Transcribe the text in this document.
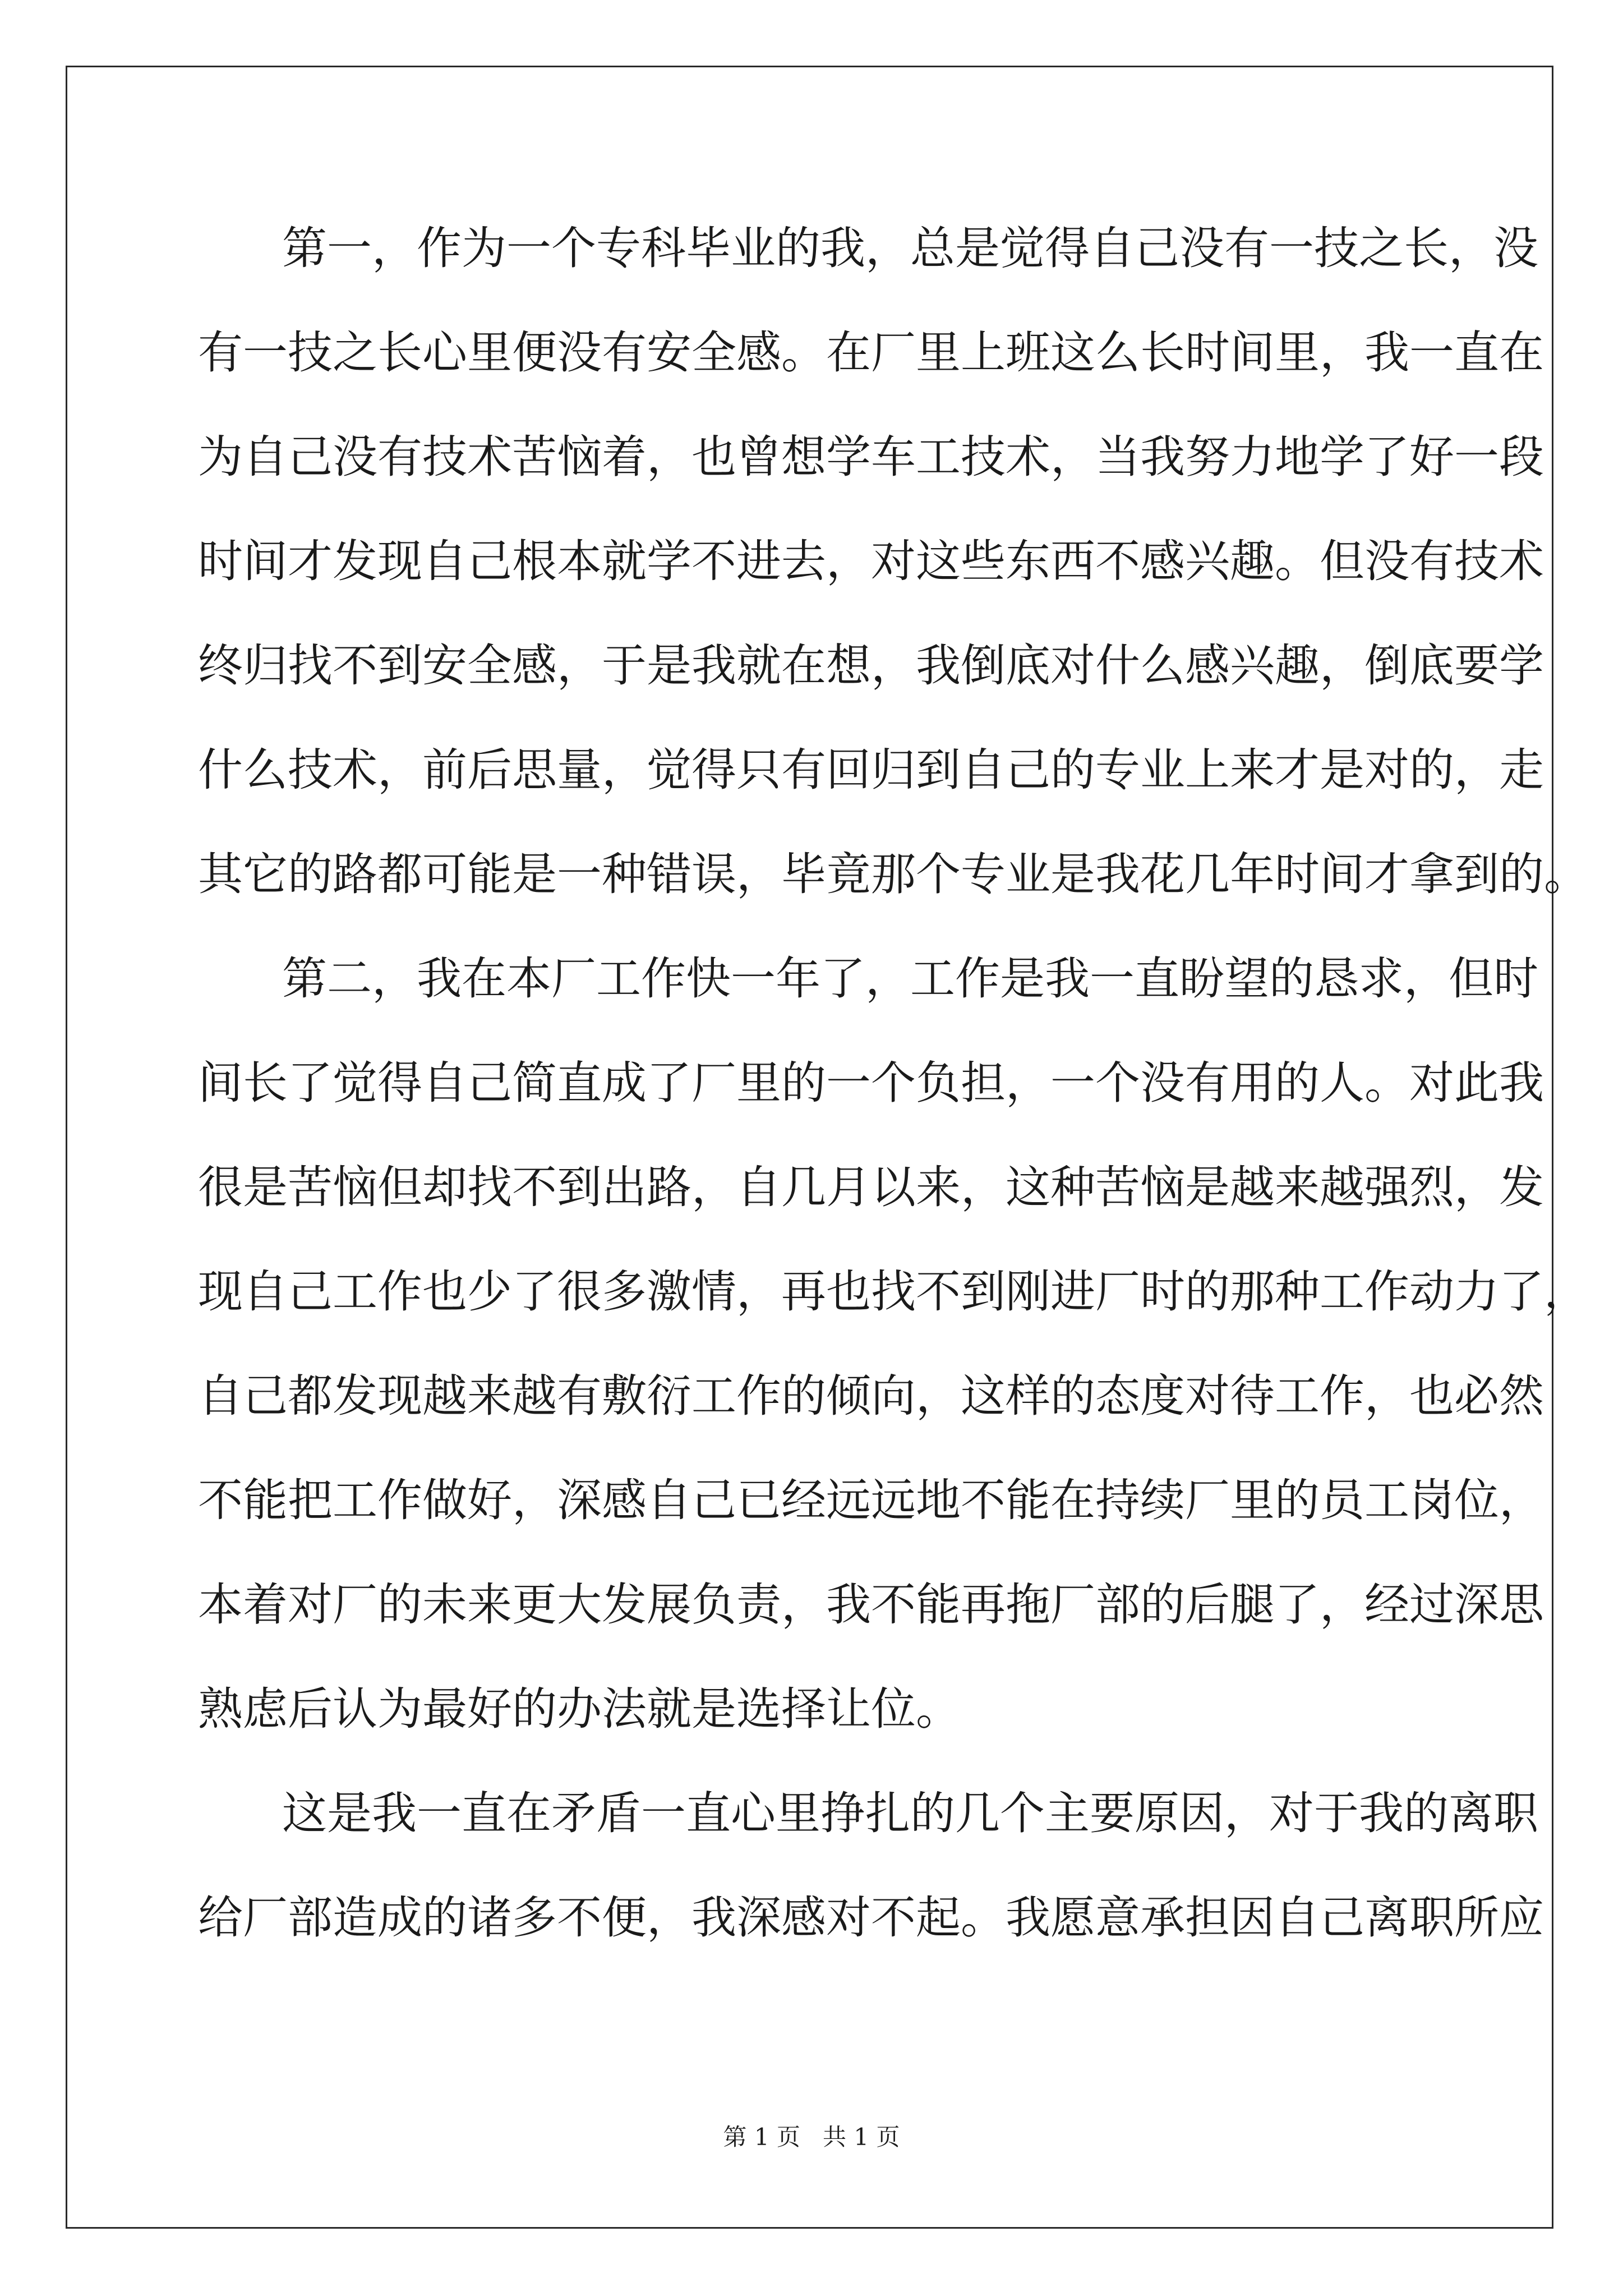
第一，作为一个专科毕业的我，总是觉得自己没有一技之长，没
有一技之长心里便没有安全感。在厂里上班这么长时间里，我一直在
为自己没有技术苦恼着，也曾想学车工技术，当我努力地学了好一段
时间才发现自己根本就学不进去，对这些东西不感兴趣。但没有技术
终归找不到安全感，于是我就在想，我倒底对什么感兴趣，倒底要学
什么技术，前后思量，觉得只有回归到自己的专业上来才是对的，走
其它的路都可能是一种错误，毕竟那个专业是我花几年时间才拿到的。
第二，我在本厂工作快一年了，工作是我一直盼望的恳求，但时
间长了觉得自己简直成了厂里的一个负担，一个没有用的人。对此我
很是苦恼但却找不到出路，自几月以来，这种苦恼是越来越强烈，发
现自己工作也少了很多激情，再也找不到刚进厂时的那种工作动力了，
自己都发现越来越有敷衍工作的倾向，这样的态度对待工作，也必然
不能把工作做好，深感自己已经远远地不能在持续厂里的员工岗位，
本着对厂的未来更大发展负责，我不能再拖厂部的后腿了，经过深思
熟虑后认为最好的办法就是选择让位。
这是我一直在矛盾一直心里挣扎的几个主要原因，对于我的离职
给厂部造成的诸多不便，我深感对不起。我愿意承担因自己离职所应
第 1 页 共 1 页
